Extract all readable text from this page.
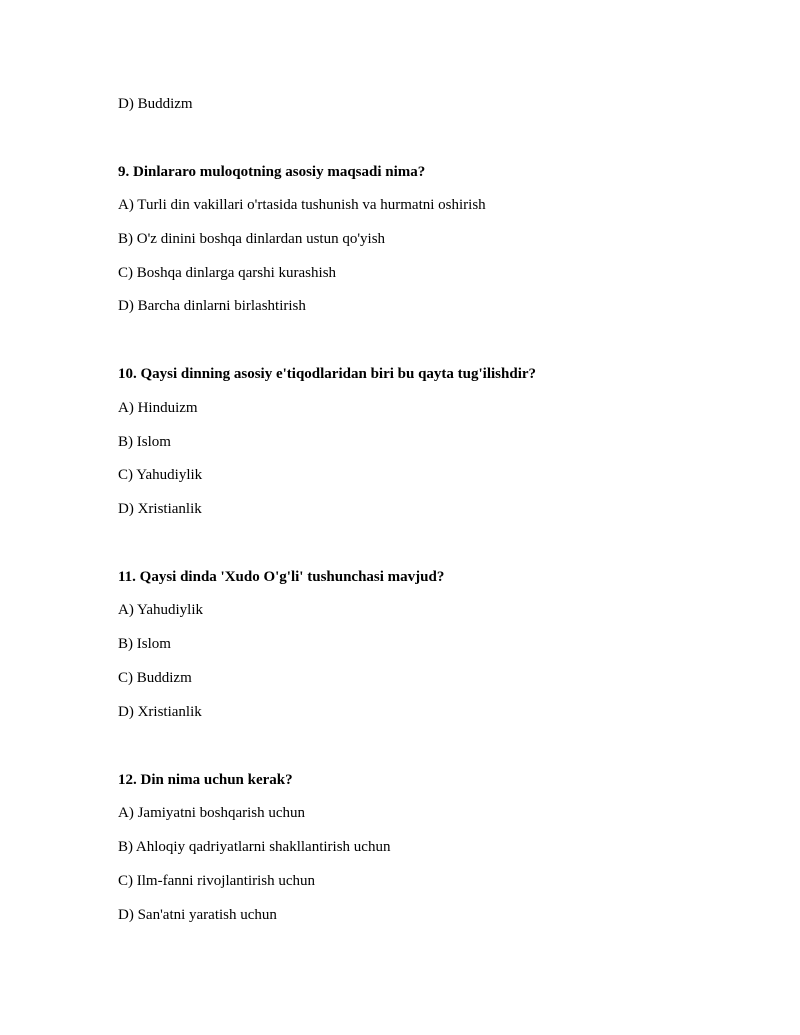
D) Buddizm
9. Dinlararo muloqotning asosiy maqsadi nima?
A) Turli din vakillari o'rtasida tushunish va hurmatni oshirish
B) O'z dinini boshqa dinlardan ustun qo'yish
C) Boshqa dinlarga qarshi kurashish
D) Barcha dinlarni birlashtirish
10. Qaysi dinning asosiy e'tiqodlaridan biri bu qayta tug'ilishdir?
A) Hinduizm
B) Islom
C) Yahudiylik
D) Xristianlik
11. Qaysi dinda 'Xudo O'g'li' tushunchasi mavjud?
A) Yahudiylik
B) Islom
C) Buddizm
D) Xristianlik
12. Din nima uchun kerak?
A) Jamiyatni boshqarish uchun
B) Ahloqiy qadriyatlarni shakllantirish uchun
C) Ilm-fanni rivojlantirish uchun
D) San'atni yaratish uchun
